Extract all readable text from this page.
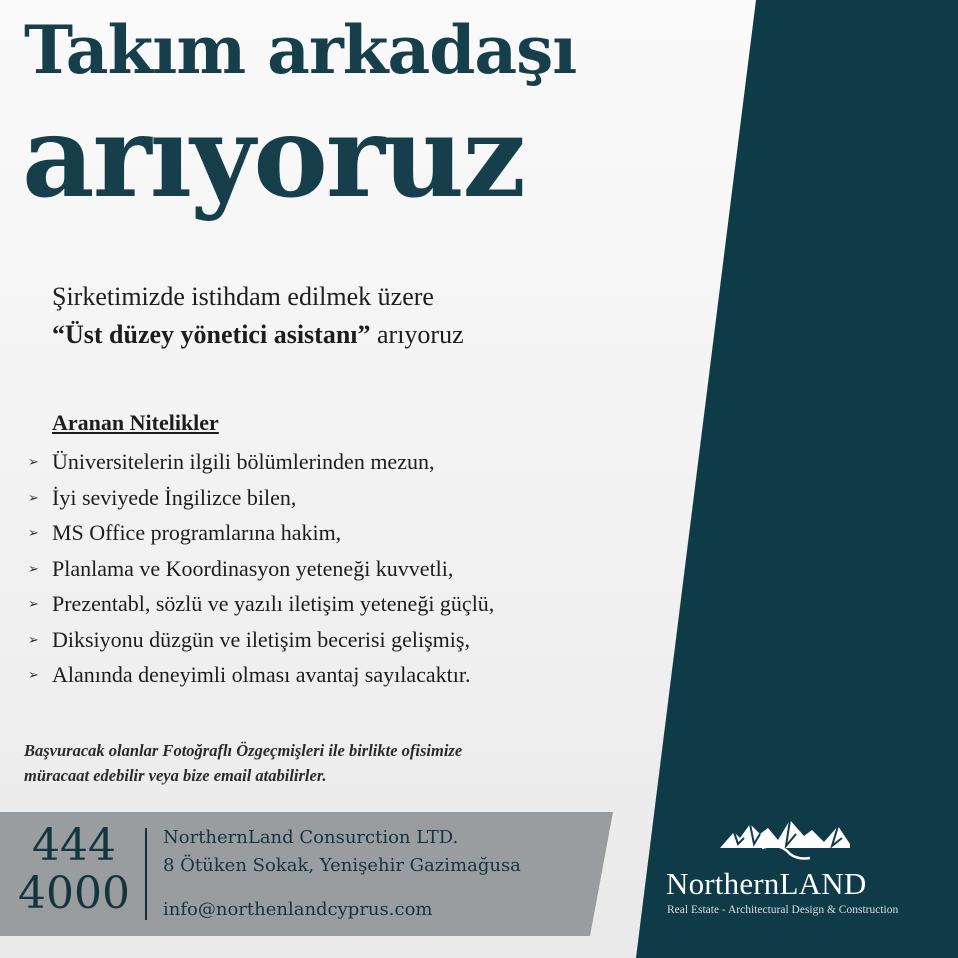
Takım arkadaşı
arıyoruz
Şirketimizde istihdam edilmek üzere
“Üst düzey yönetici asistanı” arıyoruz
Aranan Nitelikler
➢ Üniversitelerin ilgili bölümlerinden mezun,
➢ İyi seviyede İngilizce bilen,
➢ MS Office programlarına hakim,
➢ Planlama ve Koordinasyon yeteneği kuvvetli,
➢ Prezentabl, sözlü ve yazılı iletişim yeteneği güçlü,
➢ Diksiyonu düzgün ve iletişim becerisi gelişmiş,
➢ Alanında deneyimli olması avantaj sayılacaktır.
Başvuracak olanlar Fotoğraflı Özgeçmişleri ile birlikte ofisimize
müracaat edebilir veya bize email atabilirler.
444
4000
NorthernLand Consurction LTD.
8 Ötüken Sokak, Yenişehir Gazimağusa
info@northenlandcyprus.com
NorthernLAND
Real Estate - Architectural Design & Construction
